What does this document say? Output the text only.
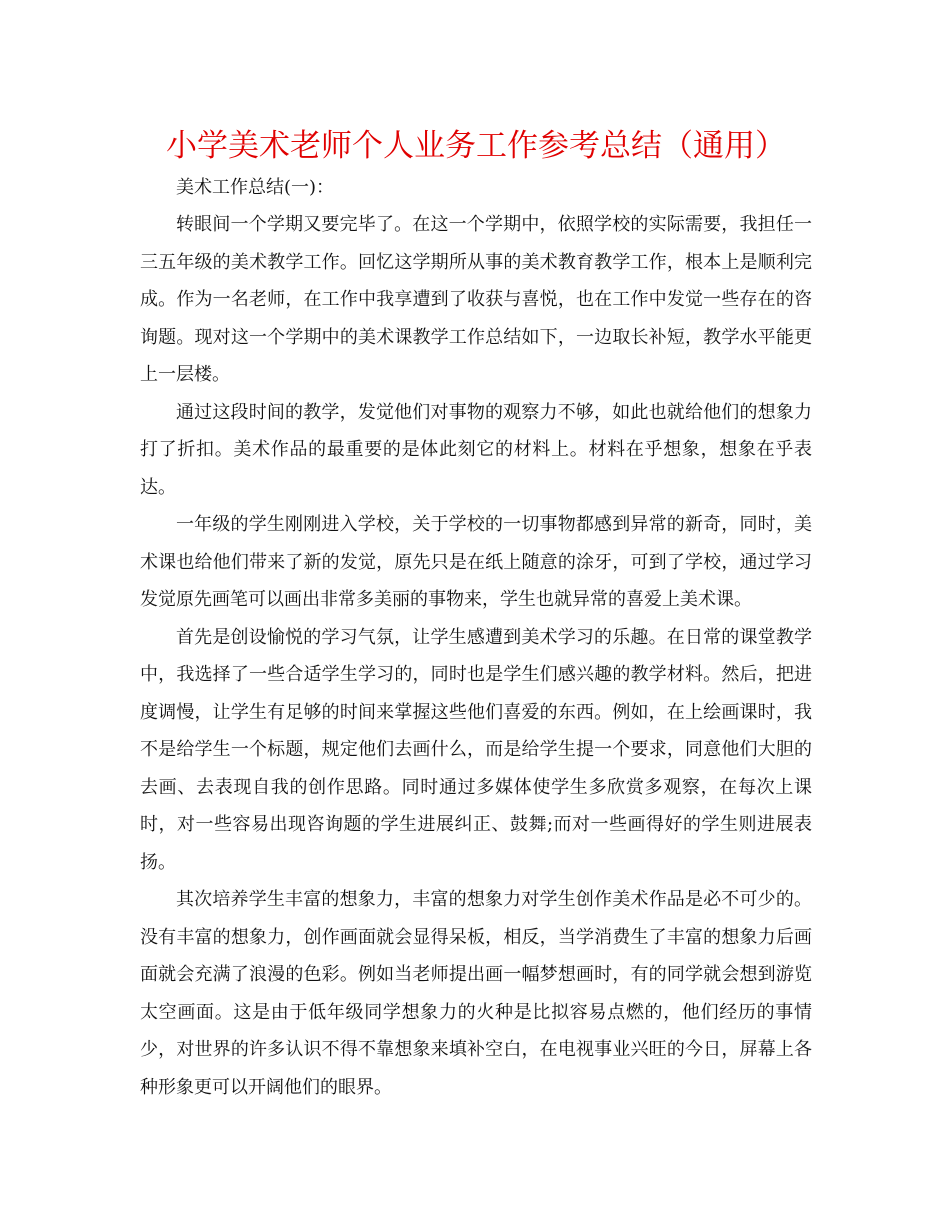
小学美术老师个人业务工作参考总结（通用）

美术工作总结(一)：

转眼间一个学期又要完毕了。在这一个学期中，依照学校的实际需要，我担任一三五年级的美术教学工作。回忆这学期所从事的美术教育教学工作，根本上是顺利完成。作为一名老师，在工作中我享遭到了收获与喜悦，也在工作中发觉一些存在的咨询题。现对这一个学期中的美术课教学工作总结如下，一边取长补短，教学水平能更上一层楼。

通过这段时间的教学，发觉他们对事物的观察力不够，如此也就给他们的想象力打了折扣。美术作品的最重要的是体此刻它的材料上。材料在乎想象，想象在乎表达。

一年级的学生刚刚进入学校，关于学校的一切事物都感到异常的新奇，同时，美术课也给他们带来了新的发觉，原先只是在纸上随意的涂牙，可到了学校，通过学习发觉原先画笔可以画出非常多美丽的事物来，学生也就异常的喜爱上美术课。

首先是创设愉悦的学习气氛，让学生感遭到美术学习的乐趣。在日常的课堂教学中，我选择了一些合适学生学习的，同时也是学生们感兴趣的教学材料。然后，把进度调慢，让学生有足够的时间来掌握这些他们喜爱的东西。例如，在上绘画课时，我不是给学生一个标题，规定他们去画什么，而是给学生提一个要求，同意他们大胆的去画、去表现自我的创作思路。同时通过多媒体使学生多欣赏多观察，在每次上课时，对一些容易出现咨询题的学生进展纠正、鼓舞;而对一些画得好的学生则进展表扬。

其次培养学生丰富的想象力，丰富的想象力对学生创作美术作品是必不可少的。没有丰富的想象力，创作画面就会显得呆板，相反，当学消费生了丰富的想象力后画面就会充满了浪漫的色彩。例如当老师提出画一幅梦想画时，有的同学就会想到游览太空画面。这是由于低年级同学想象力的火种是比拟容易点燃的，他们经历的事情少，对世界的许多认识不得不靠想象来填补空白，在电视事业兴旺的今日，屏幕上各种形象更可以开阔他们的眼界。
